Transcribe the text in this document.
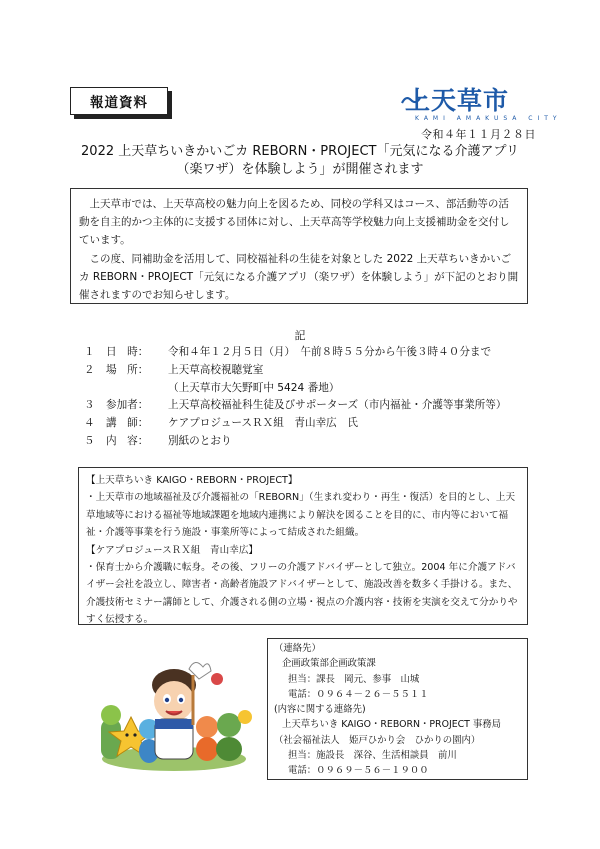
報道資料	上天草市
KAMI AMAKUSA CITY
令和４年１１月２８日
2022 上天草ちいきかいごカ REBORN・PROJECT「元気になる介護アプリ
（楽ワザ）を体験しよう」が開催されます

上天草市では、上天草高校の魅力向上を図るため、同校の学科又はコース、部活動等の活動を自主的かつ主体的に支援する団体に対し、上天草高等学校魅力向上支援補助金を交付しています。

この度、同補助金を活用して、同校福祉科の生徒を対象とした 2022 上天草ちいきかいごカ REBORN・PROJECT「元気になる介護アプリ（楽ワザ）を体験しよう」が下記のとおり開催されますのでお知らせします。

記
１	日　時：	令和４年１２月５日（月）　午前８時５５分から午後３時４０分まで
２	場　所：	上天草高校視聴覚室
（上天草市大矢野町中 5424 番地）
３	参加者：	上天草高校福祉科生徒及びサポーターズ（市内福祉・介護等事業所等）
４	講　師：	ケアプロジュースＲＸ組　青山幸広　氏
５	内　容：	別紙のとおり

【上天草ちいき KAIGO・REBORN・PROJECT】

・上天草市の地域福祉及び介護福祉の「REBORN」（生まれ変わり・再生・復活）を目的とし、上天草地域等における福祉等地域課題を地域内連携により解決を図ることを目的に、市内等において福祉・介護等事業を行う施設・事業所等によって結成された組織。

【ケアプロジュースＲＸ組　青山幸広】

・保育士から介護職に転身。その後、フリーの介護アドバイザーとして独立。2004 年に介護アドバイザー会社を設立し、障害者・高齢者施設アドバイザーとして、施設改善を数多く手掛ける。また、介護技術セミナー講師として、介護される側の立場・視点の介護内容・技術を実演を交えて分かりやすく伝授する。

（連絡先）

企画政策部企画政策課

担当：課長　岡元、参事　山城

電話：０９６４－２６－５５１１

(内容に関する連絡先)

上天草ちいき KAIGO・REBORN・PROJECT 事務局

（社会福祉法人　姫戸ひかり会　ひかりの園内）

担当：施設長　深谷、生活相談員　前川

電話：０９６９－５６－１９００
